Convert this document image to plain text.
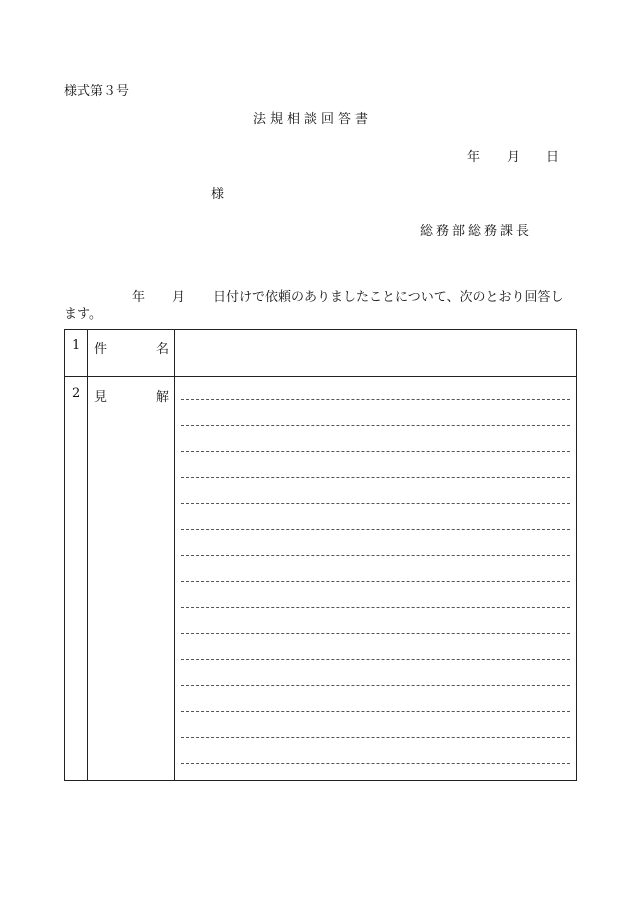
様式第３号
法規相談回答書
年 月 日
様
総務部総務課長
年 月 日付けで依頼のありましたことについて、次のとおり回答し
ます。
1 件	名
2 見	解
